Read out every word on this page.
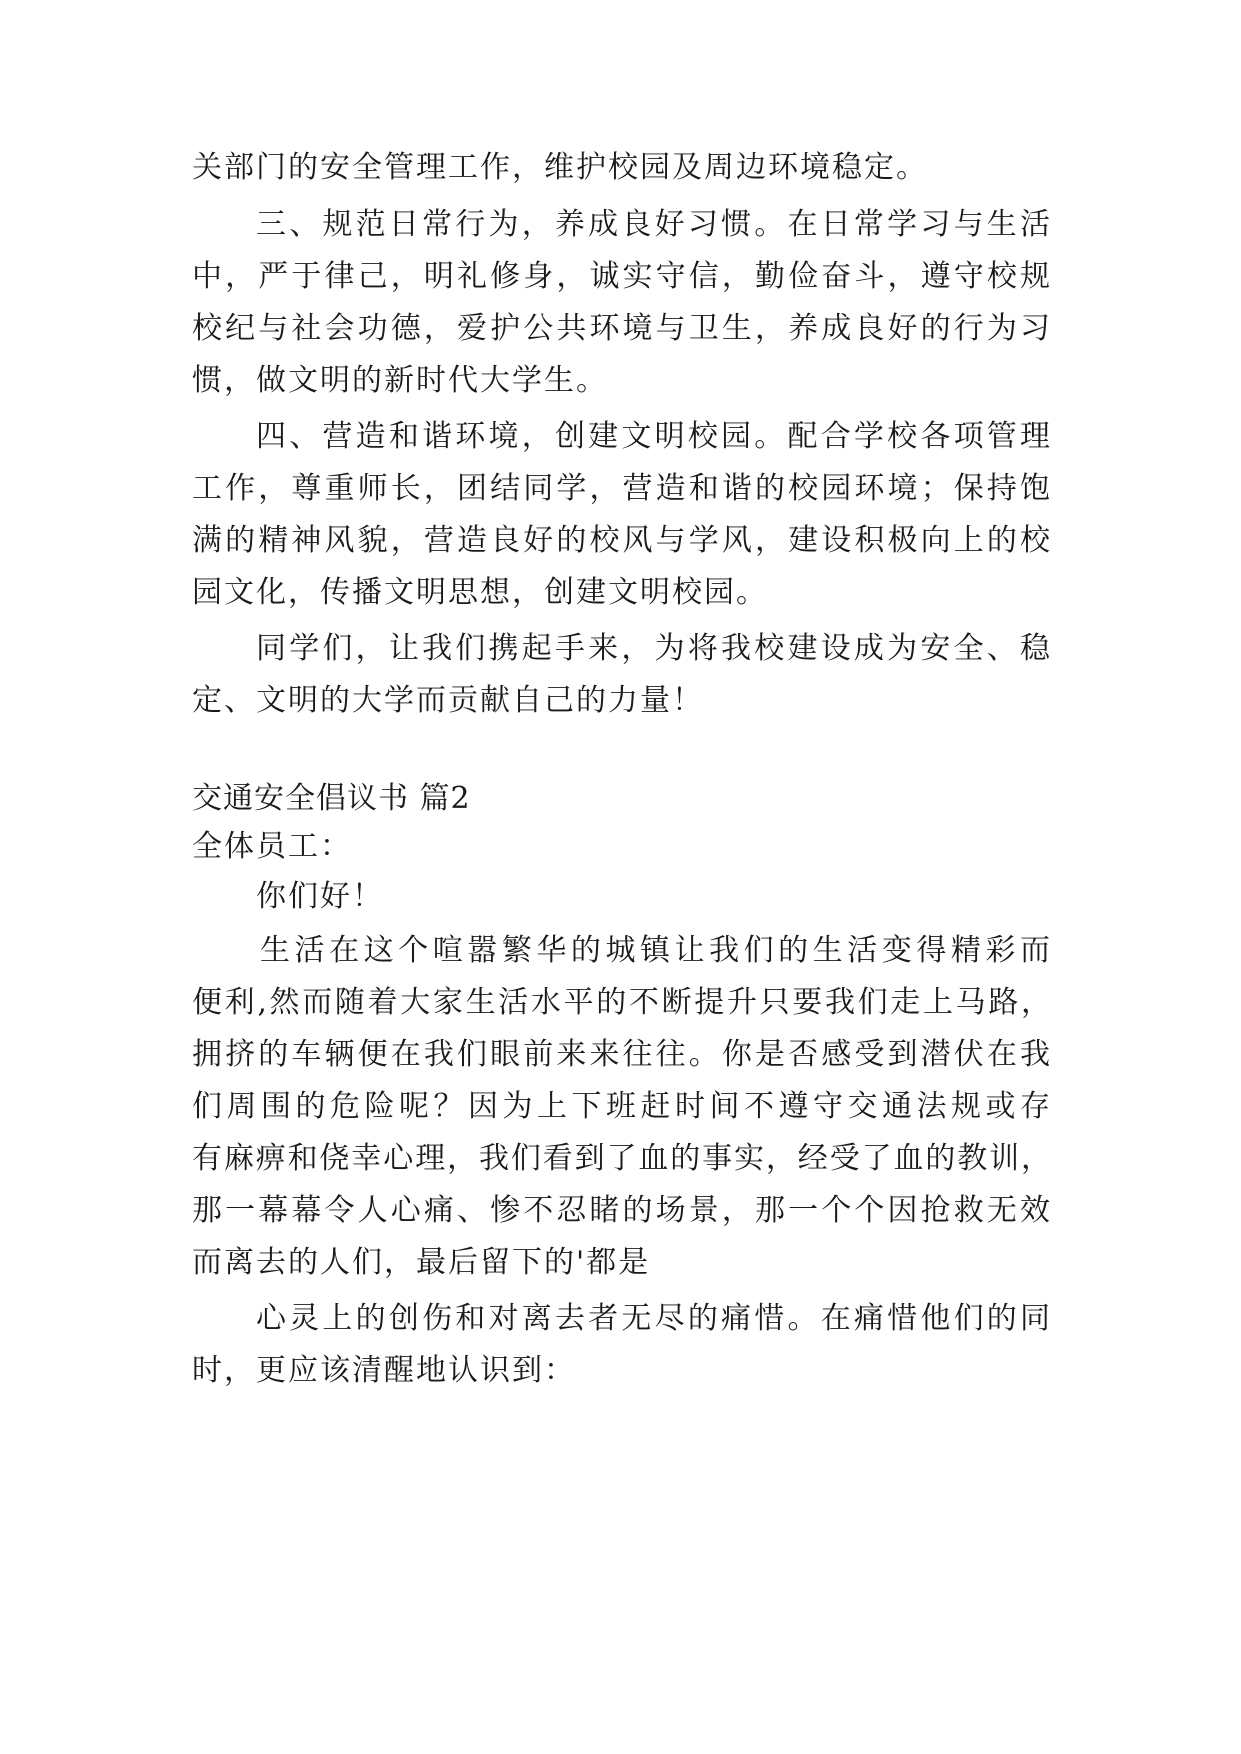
关部门的安全管理工作，维护校园及周边环境稳定。
三、规范日常行为，养成良好习惯。在日常学习与生活
中，严于律己，明礼修身，诚实守信，勤俭奋斗，遵守校规
校纪与社会功德，爱护公共环境与卫生，养成良好的行为习
惯，做文明的新时代大学生。
四、营造和谐环境，创建文明校园。配合学校各项管理
工作，尊重师长，团结同学，营造和谐的校园环境；保持饱
满的精神风貌，营造良好的校风与学风，建设积极向上的校
园文化，传播文明思想，创建文明校园。
同学们，让我们携起手来，为将我校建设成为安全、稳
定、文明的大学而贡献自己的力量！
交通安全倡议书 篇2
全体员工：
你们好！
生活在这个喧嚣繁华的城镇让我们的生活变得精彩而
便利,然而随着大家生活水平的不断提升只要我们走上马路，
拥挤的车辆便在我们眼前来来往往。你是否感受到潜伏在我
们周围的危险呢？因为上下班赶时间不遵守交通法规或存
有麻痹和侥幸心理，我们看到了血的事实，经受了血的教训，
那一幕幕令人心痛、惨不忍睹的场景，那一个个因抢救无效
而离去的人们，最后留下的'都是
心灵上的创伤和对离去者无尽的痛惜。在痛惜他们的同
时，更应该清醒地认识到：
